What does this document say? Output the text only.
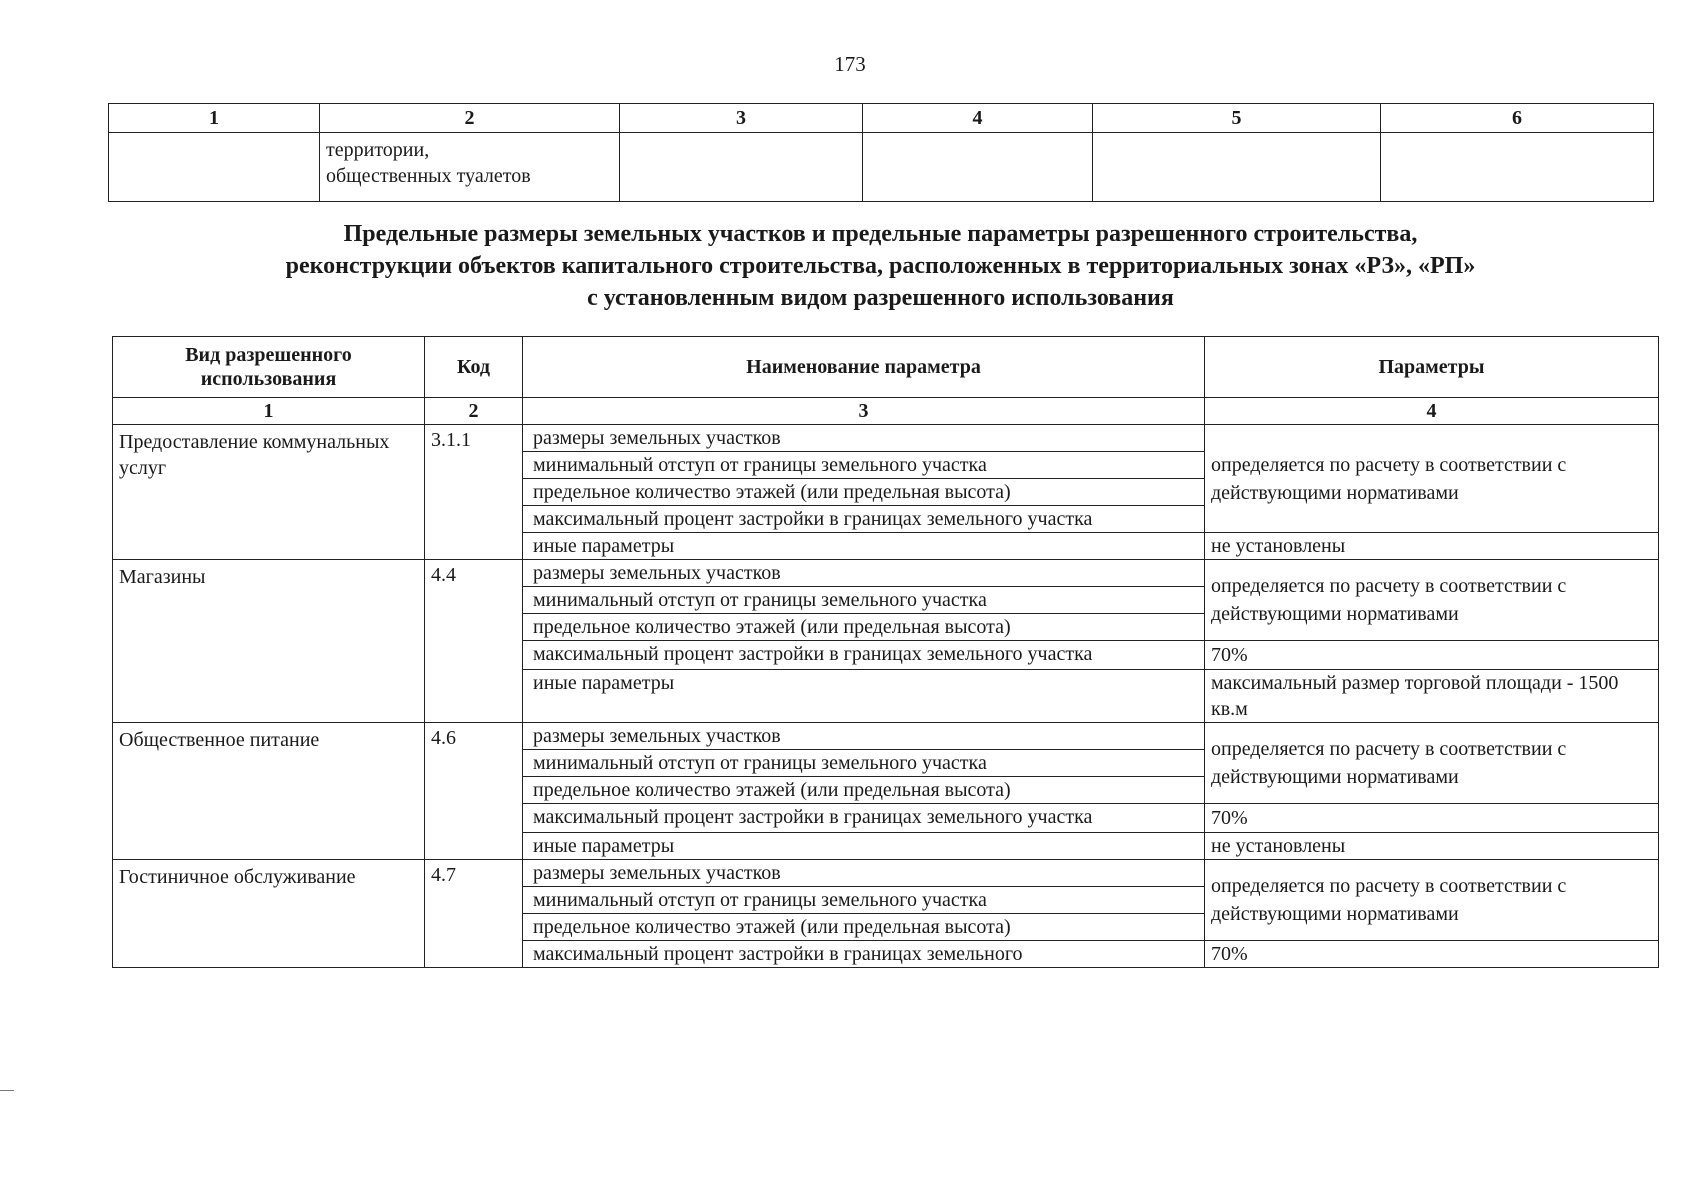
173
1	2	3	4	5	6
	территории,
общественных туалетов				
Предельные размеры земельных участков и предельные параметры разрешенного строительства,
реконструкции объектов капитального строительства, расположенных в территориальных зонах «РЗ», «РП»
с установленным видом разрешенного использования
Вид разрешенного использования	Код	Наименование параметра	Параметры
1	2	3	4
Предоставление коммунальных услуг	3.1.1	размеры земельных участков	определяется по расчету в соответствии с действующими нормативами
		минимальный отступ от границы земельного участка	
		предельное количество этажей (или предельная высота)	
		максимальный процент застройки в границах земельного участка	
		иные параметры	не установлены
Магазины	4.4	размеры земельных участков	определяется по расчету в соответствии с действующими нормативами
		минимальный отступ от границы земельного участка	
		предельное количество этажей (или предельная высота)	
		максимальный процент застройки в границах земельного участка	70%
		иные параметры	максимальный размер торговой площади - 1500 кв.м
Общественное питание	4.6	размеры земельных участков	определяется по расчету в соответствии с действующими нормативами
		минимальный отступ от границы земельного участка	
		предельное количество этажей (или предельная высота)	
		максимальный процент застройки в границах земельного участка	70%
		иные параметры	не установлены
Гостиничное обслуживание	4.7	размеры земельных участков	определяется по расчету в соответствии с действующими нормативами
		минимальный отступ от границы земельного участка	
		предельное количество этажей (или предельная высота)	
		максимальный процент застройки в границах земельного	70%
